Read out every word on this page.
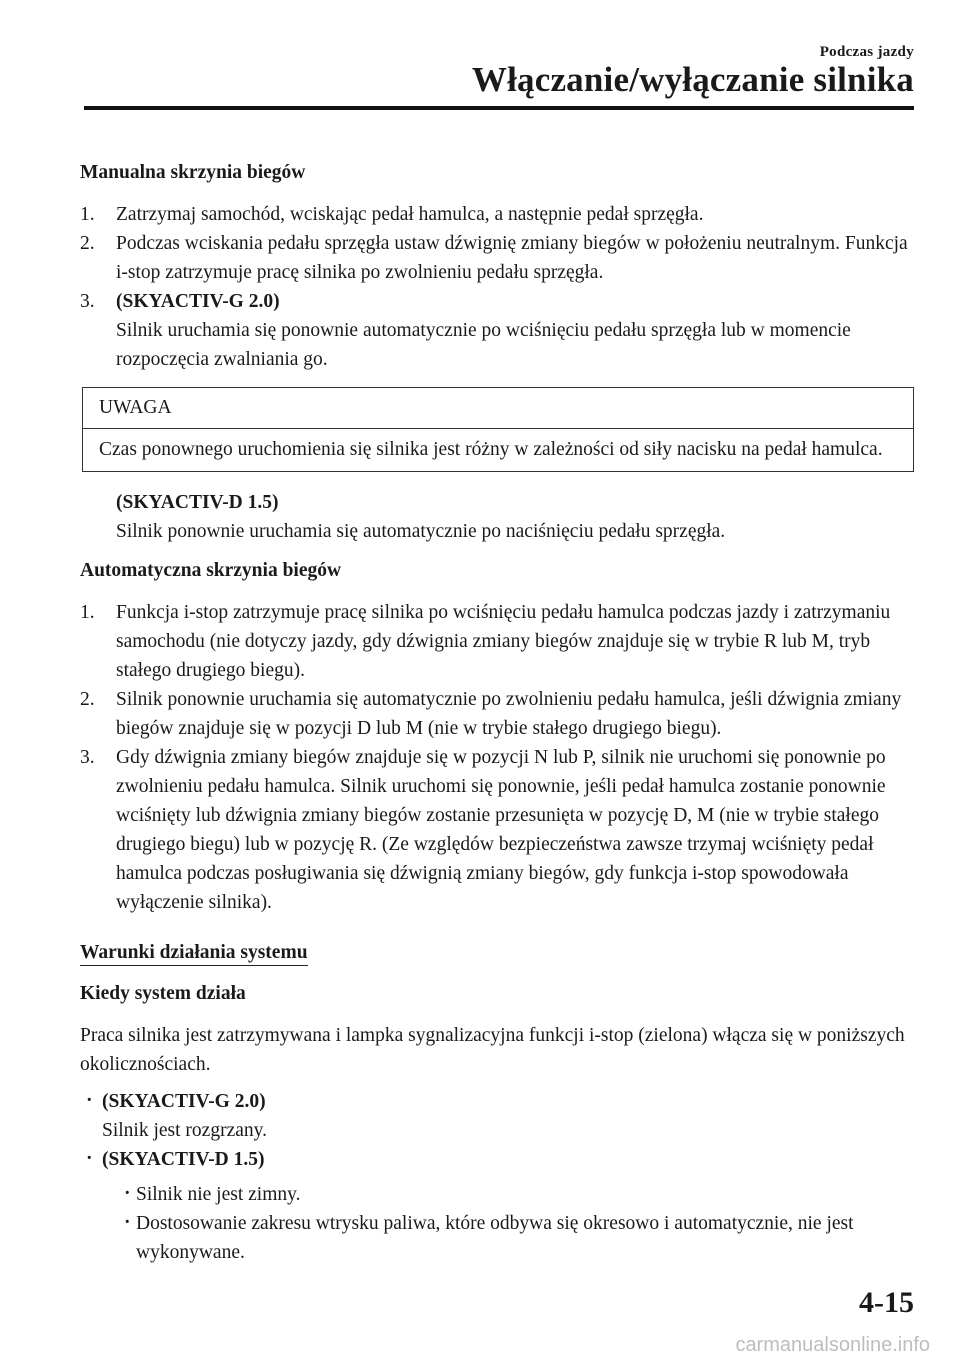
Podczas jazdy
Włączanie/wyłączanie silnika
Manualna skrzynia biegów
1. Zatrzymaj samochód, wciskając pedał hamulca, a następnie pedał sprzęgła.
2. Podczas wciskania pedału sprzęgła ustaw dźwignię zmiany biegów w położeniu neutralnym. Funkcja i-stop zatrzymuje pracę silnika po zwolnieniu pedału sprzęgła.
3. (SKYACTIV-G 2.0)
Silnik uruchamia się ponownie automatycznie po wciśnięciu pedału sprzęgła lub w momencie rozpoczęcia zwalniania go.
UWAGA
Czas ponownego uruchomienia się silnika jest różny w zależności od siły nacisku na pedał hamulca.
(SKYACTIV-D 1.5)
Silnik ponownie uruchamia się automatycznie po naciśnięciu pedału sprzęgła.
Automatyczna skrzynia biegów
1. Funkcja i-stop zatrzymuje pracę silnika po wciśnięciu pedału hamulca podczas jazdy i zatrzymaniu samochodu (nie dotyczy jazdy, gdy dźwignia zmiany biegów znajduje się w trybie R lub M, tryb stałego drugiego biegu).
2. Silnik ponownie uruchamia się automatycznie po zwolnieniu pedału hamulca, jeśli dźwignia zmiany biegów znajduje się w pozycji D lub M (nie w trybie stałego drugiego biegu).
3. Gdy dźwignia zmiany biegów znajduje się w pozycji N lub P, silnik nie uruchomi się ponownie po zwolnieniu pedału hamulca. Silnik uruchomi się ponownie, jeśli pedał hamulca zostanie ponownie wciśnięty lub dźwignia zmiany biegów zostanie przesunięta w pozycję D, M (nie w trybie stałego drugiego biegu) lub w pozycję R. (Ze względów bezpieczeństwa zawsze trzymaj wciśnięty pedał hamulca podczas posługiwania się dźwignią zmiany biegów, gdy funkcja i-stop spowodowała wyłączenie silnika).
Warunki działania systemu
Kiedy system działa
Praca silnika jest zatrzymywana i lampka sygnalizacyjna funkcji i-stop (zielona) włącza się w poniższych okolicznościach.
· (SKYACTIV-G 2.0)
Silnik jest rozgrzany.
· (SKYACTIV-D 1.5)
· Silnik nie jest zimny.
· Dostosowanie zakresu wtrysku paliwa, które odbywa się okresowo i automatycznie, nie jest wykonywane.
4-15
carmanualsonline.info
